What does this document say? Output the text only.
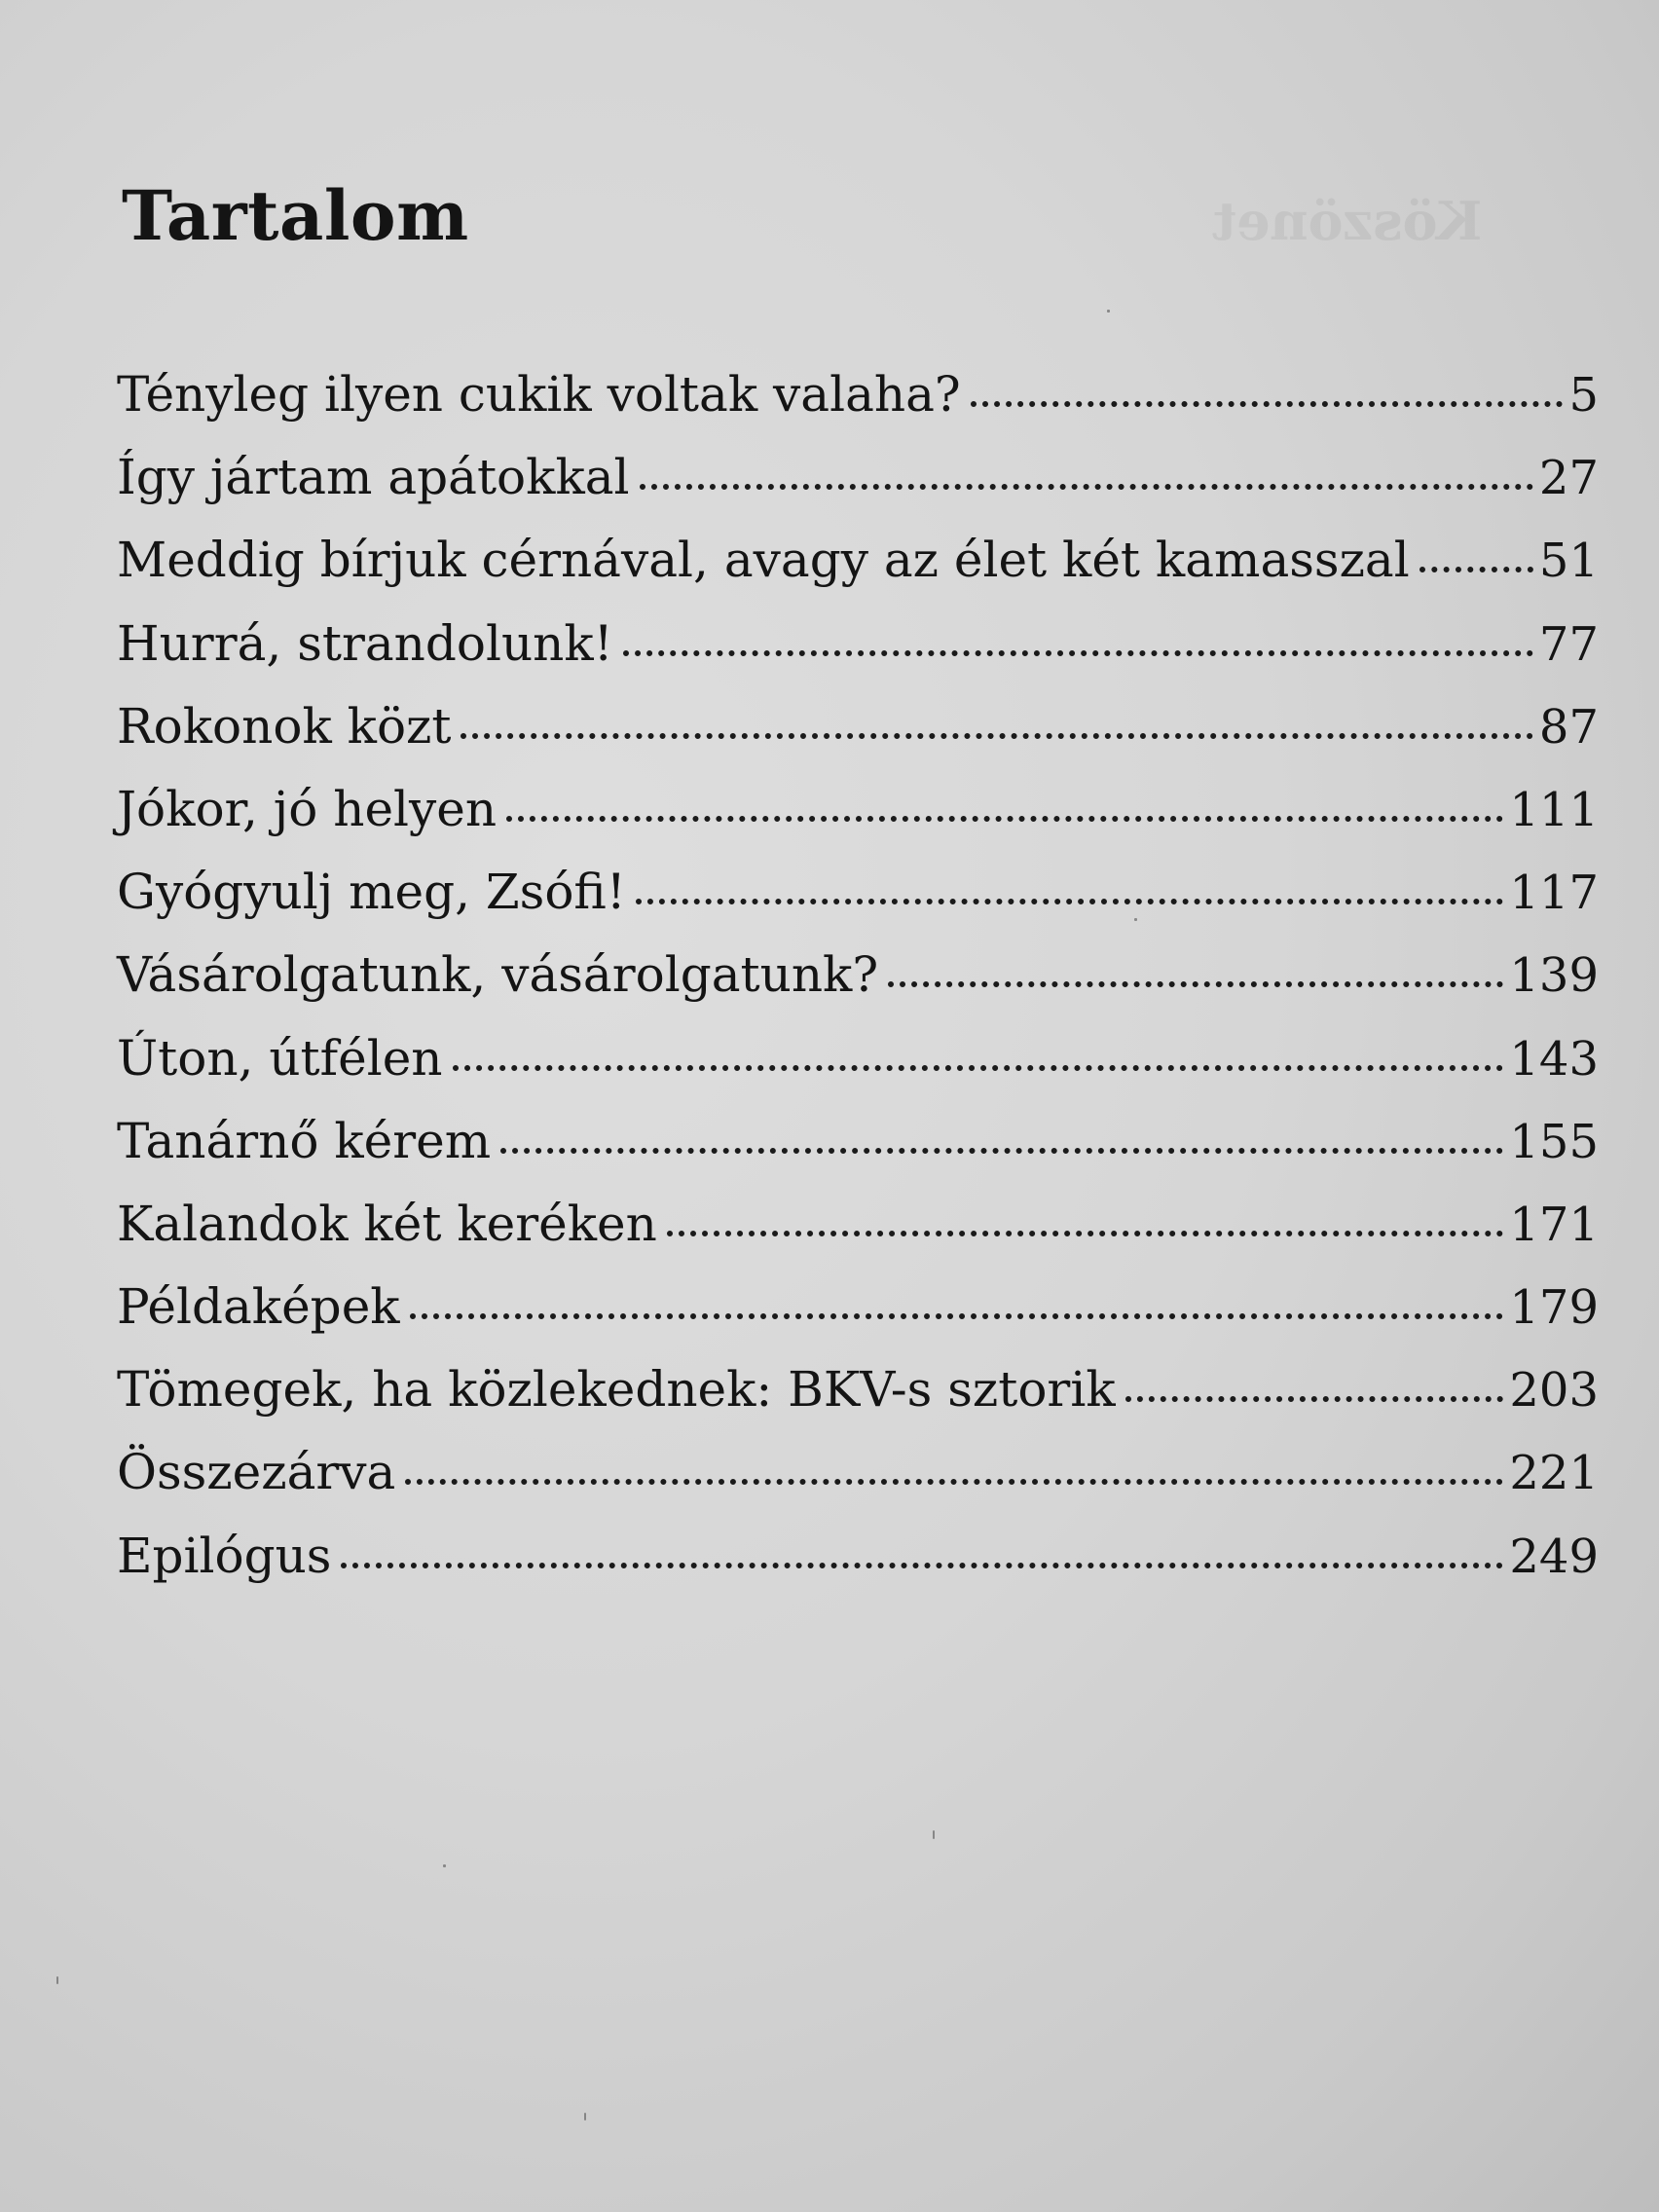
Köszönet
Tartalom
Tényleg ilyen cukik voltak valaha?	5
Így jártam apátokkal	27
Meddig bírjuk cérnával, avagy az élet két kamasszal	51
Hurrá, strandolunk!	77
Rokonok közt	87
Jókor, jó helyen	111
Gyógyulj meg, Zsófi!	117
Vásárolgatunk, vásárolgatunk?	139
Úton, útfélen	143
Tanárnő kérem	155
Kalandok két keréken	171
Példaképek	179
Tömegek, ha közlekednek: BKV-s sztorik	203
Összezárva	221
Epilógus	249
